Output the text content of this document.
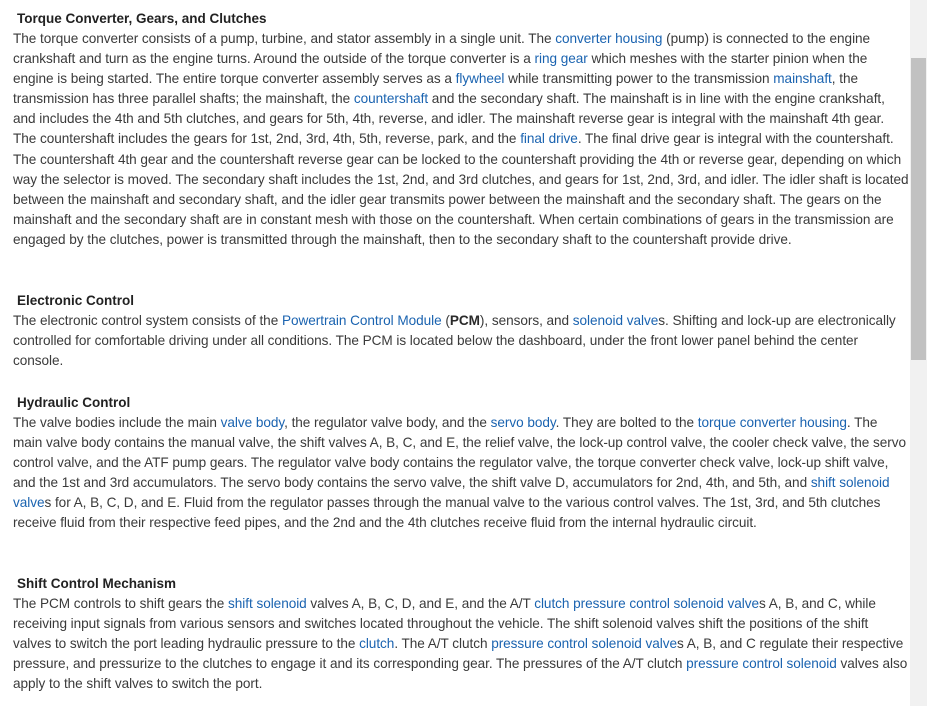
Torque Converter, Gears, and Clutches

The torque converter consists of a pump, turbine, and stator assembly in a single unit. The converter housing (pump) is connected to the engine crankshaft and turn as the engine turns. Around the outside of the torque converter is a ring gear which meshes with the starter pinion when the engine is being started. The entire torque converter assembly serves as a flywheel while transmitting power to the transmission mainshaft, the transmission has three parallel shafts; the mainshaft, the countershaft and the secondary shaft. The mainshaft is in line with the engine crankshaft, and includes the 4th and 5th clutches, and gears for 5th, 4th, reverse, and idler. The mainshaft reverse gear is integral with the mainshaft 4th gear. The countershaft includes the gears for 1st, 2nd, 3rd, 4th, 5th, reverse, park, and the final drive. The final drive gear is integral with the countershaft. The countershaft 4th gear and the countershaft reverse gear can be locked to the countershaft providing the 4th or reverse gear, depending on which way the selector is moved. The secondary shaft includes the 1st, 2nd, and 3rd clutches, and gears for 1st, 2nd, 3rd, and idler. The idler shaft is located between the mainshaft and secondary shaft, and the idler gear transmits power between the mainshaft and the secondary shaft. The gears on the mainshaft and the secondary shaft are in constant mesh with those on the countershaft. When certain combinations of gears in the transmission are engaged by the clutches, power is transmitted through the mainshaft, then to the secondary shaft to the countershaft provide drive.

Electronic Control

The electronic control system consists of the Powertrain Control Module (PCM), sensors, and solenoid valves. Shifting and lock-up are electronically controlled for comfortable driving under all conditions. The PCM is located below the dashboard, under the front lower panel behind the center console.

Hydraulic Control

The valve bodies include the main valve body, the regulator valve body, and the servo body. They are bolted to the torque converter housing. The main valve body contains the manual valve, the shift valves A, B, C, and E, the relief valve, the lock-up control valve, the cooler check valve, the servo control valve, and the ATF pump gears. The regulator valve body contains the regulator valve, the torque converter check valve, lock-up shift valve, and the 1st and 3rd accumulators. The servo body contains the servo valve, the shift valve D, accumulators for 2nd, 4th, and 5th, and shift solenoid valves for A, B, C, D, and E. Fluid from the regulator passes through the manual valve to the various control valves. The 1st, 3rd, and 5th clutches receive fluid from their respective feed pipes, and the 2nd and the 4th clutches receive fluid from the internal hydraulic circuit.

Shift Control Mechanism

The PCM controls to shift gears the shift solenoid valves A, B, C, D, and E, and the A/T clutch pressure control solenoid valves A, B, and C, while receiving input signals from various sensors and switches located throughout the vehicle. The shift solenoid valves shift the positions of the shift valves to switch the port leading hydraulic pressure to the clutch. The A/T clutch pressure control solenoid valves A, B, and C regulate their respective pressure, and pressurize to the clutches to engage it and its corresponding gear. The pressures of the A/T clutch pressure control solenoid valves also apply to the shift valves to switch the port.
